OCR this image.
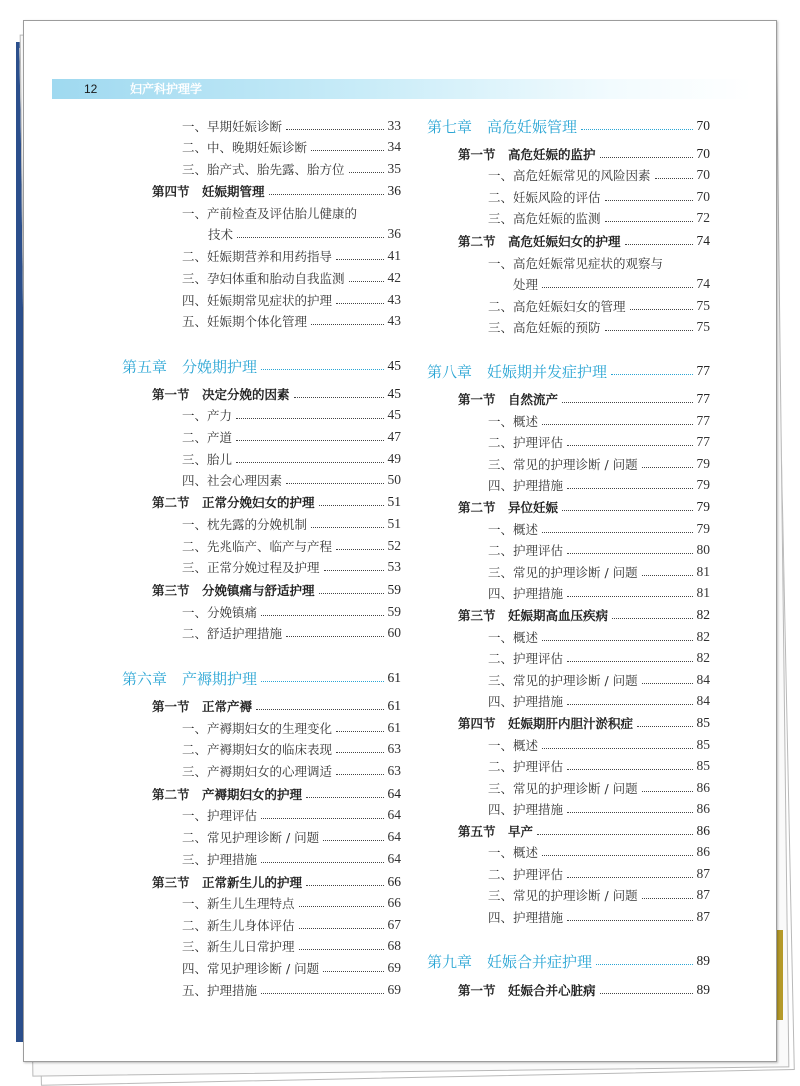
12	妇产科护理学
一、早期妊娠诊断	33
二、中、晚期妊娠诊断	34
三、胎产式、胎先露、胎方位	35
第四节　妊娠期管理	36
一、产前检查及评估胎儿健康的
技术	36
二、妊娠期营养和用药指导	41
三、孕妇体重和胎动自我监测	42
四、妊娠期常见症状的护理	43
五、妊娠期个体化管理	43
第五章　分娩期护理	45
第一节　决定分娩的因素	45
一、产力	45
二、产道	47
三、胎儿	49
四、社会心理因素	50
第二节　正常分娩妇女的护理	51
一、枕先露的分娩机制	51
二、先兆临产、临产与产程	52
三、正常分娩过程及护理	53
第三节　分娩镇痛与舒适护理	59
一、分娩镇痛	59
二、舒适护理措施	60
第六章　产褥期护理	61
第一节　正常产褥	61
一、产褥期妇女的生理变化	61
二、产褥期妇女的临床表现	63
三、产褥期妇女的心理调适	63
第二节　产褥期妇女的护理	64
一、护理评估	64
二、常见护理诊断 / 问题	64
三、护理措施	64
第三节　正常新生儿的护理	66
一、新生儿生理特点	66
二、新生儿身体评估	67
三、新生儿日常护理	68
四、常见护理诊断 / 问题	69
五、护理措施	69
第七章　高危妊娠管理	70
第一节　高危妊娠的监护	70
一、高危妊娠常见的风险因素	70
二、妊娠风险的评估	70
三、高危妊娠的监测	72
第二节　高危妊娠妇女的护理	74
一、高危妊娠常见症状的观察与
处理	74
二、高危妊娠妇女的管理	75
三、高危妊娠的预防	75
第八章　妊娠期并发症护理	77
第一节　自然流产	77
一、概述	77
二、护理评估	77
三、常见的护理诊断 / 问题	79
四、护理措施	79
第二节　异位妊娠	79
一、概述	79
二、护理评估	80
三、常见的护理诊断 / 问题	81
四、护理措施	81
第三节　妊娠期高血压疾病	82
一、概述	82
二、护理评估	82
三、常见的护理诊断 / 问题	84
四、护理措施	84
第四节　妊娠期肝内胆汁淤积症	85
一、概述	85
二、护理评估	85
三、常见的护理诊断 / 问题	86
四、护理措施	86
第五节　早产	86
一、概述	86
二、护理评估	87
三、常见的护理诊断 / 问题	87
四、护理措施	87
第九章　妊娠合并症护理	89
第一节　妊娠合并心脏病	89
